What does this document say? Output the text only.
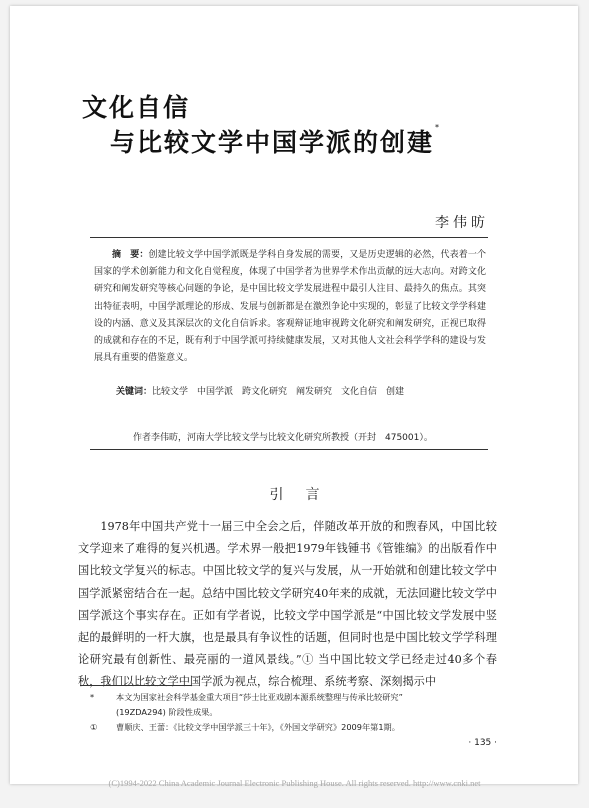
文化自信
与比较文学中国学派的创建*
李伟昉
摘　要：创建比较文学中国学派既是学科自身发展的需要，又是历史逻辑的必然，代表着一个国家的学术创新能力和文化自觉程度，体现了中国学者为世界学术作出贡献的远大志向。对跨文化研究和阐发研究等核心问题的争论，是中国比较文学发展进程中最引人注目、最持久的焦点。其突出特征表明，中国学派理论的形成、发展与创新都是在激烈争论中实现的，彰显了比较文学学科建设的内涵、意义及其深层次的文化自信诉求。客观辩证地审视跨文化研究和阐发研究，正视已取得的成就和存在的不足，既有利于中国学派可持续健康发展，又对其他人文社会科学学科的建设与发展具有重要的借鉴意义。
关键词：比较文学　中国学派　跨文化研究　阐发研究　文化自信　创建
作者李伟昉，河南大学比较文学与比较文化研究所教授（开封　475001）。
引言
1978年中国共产党十一届三中全会之后，伴随改革开放的和煦春风，中国比较文学迎来了难得的复兴机遇。学术界一般把1979年钱锺书《管锥编》的出版看作中国比较文学复兴的标志。中国比较文学的复兴与发展，从一开始就和创建比较文学中国学派紧密结合在一起。总结中国比较文学研究40年来的成就，无法回避比较文学中国学派这个事实存在。正如有学者说，比较文学中国学派是“中国比较文学发展中竖起的最鲜明的一杆大旗，也是最具有争议性的话题，但同时也是中国比较文学学科理论研究最有创新性、最亮丽的一道风景线。”① 当中国比较文学已经走过40多个春秋，我们以比较文学中国学派为视点，综合梳理、系统考察、深刻揭示中
*	本文为国家社会科学基金重大项目“莎士比亚戏剧本源系统整理与传承比较研究”
(19ZDA294) 阶段性成果。
① 曹顺庆、王蕾：《比较文学中国学派三十年》，《外国文学研究》2009年第1期。
· 135 ·
(C)1994-2022 China Academic Journal Electronic Publishing House. All rights reserved. http://www.cnki.net
